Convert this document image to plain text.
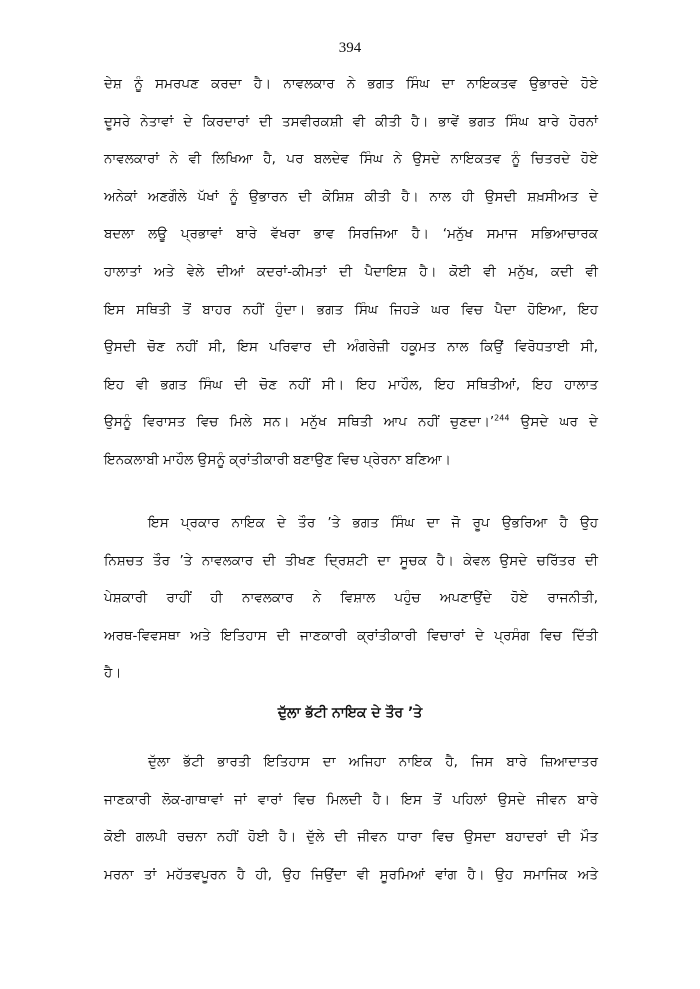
394
ਦੇਸ਼ ਨੂੰ ਸਮਰਪਣ ਕਰਦਾ ਹੈ। ਨਾਵਲਕਾਰ ਨੇ ਭਗਤ ਸਿੰਘ ਦਾ ਨਾਇਕਤਵ ਉਭਾਰਦੇ ਹੋਏ
ਦੂਸਰੇ ਨੇਤਾਵਾਂ ਦੇ ਕਿਰਦਾਰਾਂ ਦੀ ਤਸਵੀਰਕਸ਼ੀ ਵੀ ਕੀਤੀ ਹੈ। ਭਾਵੇਂ ਭਗਤ ਸਿੰਘ ਬਾਰੇ ਹੋਰਨਾਂ
ਨਾਵਲਕਾਰਾਂ ਨੇ ਵੀ ਲਿਖਿਆ ਹੈ, ਪਰ ਬਲਦੇਵ ਸਿੰਘ ਨੇ ਉਸਦੇ ਨਾਇਕਤਵ ਨੂੰ ਚਿਤਰਦੇ ਹੋਏ
ਅਨੇਕਾਂ ਅਣਗੌਲੇ ਪੱਖਾਂ ਨੂੰ ਉਭਾਰਨ ਦੀ ਕੋਸ਼ਿਸ਼ ਕੀਤੀ ਹੈ। ਨਾਲ ਹੀ ਉਸਦੀ ਸ਼ਖ਼ਸੀਅਤ ਦੇ
ਬਦਲਾ ਲਊ ਪ੍ਰਭਾਵਾਂ ਬਾਰੇ ਵੱਖਰਾ ਭਾਵ ਸਿਰਜਿਆ ਹੈ। ‘ਮਨੁੱਖ ਸਮਾਜ ਸਭਿਆਚਾਰਕ
ਹਾਲਾਤਾਂ ਅਤੇ ਵੇਲੇ ਦੀਆਂ ਕਦਰਾਂ-ਕੀਮਤਾਂ ਦੀ ਪੈਦਾਇਸ਼ ਹੈ। ਕੋਈ ਵੀ ਮਨੁੱਖ, ਕਦੀ ਵੀ
ਇਸ ਸਥਿਤੀ ਤੋਂ ਬਾਹਰ ਨਹੀਂ ਹੁੰਦਾ। ਭਗਤ ਸਿੰਘ ਜਿਹੜੇ ਘਰ ਵਿਚ ਪੈਦਾ ਹੋਇਆ, ਇਹ
ਉਸਦੀ ਚੋਣ ਨਹੀਂ ਸੀ, ਇਸ ਪਰਿਵਾਰ ਦੀ ਅੰਗਰੇਜ਼ੀ ਹਕੂਮਤ ਨਾਲ ਕਿਉਂ ਵਿਰੋਧਤਾਈ ਸੀ,
ਇਹ ਵੀ ਭਗਤ ਸਿੰਘ ਦੀ ਚੋਣ ਨਹੀਂ ਸੀ। ਇਹ ਮਾਹੌਲ, ਇਹ ਸਥਿਤੀਆਂ, ਇਹ ਹਾਲਾਤ
ਉਸਨੂੰ ਵਿਰਾਸਤ ਵਿਚ ਮਿਲੇ ਸਨ। ਮਨੁੱਖ ਸਥਿਤੀ ਆਪ ਨਹੀਂ ਚੁਣਦਾ।’$^{244}$ ਉਸਦੇ ਘਰ ਦੇ
ਇਨਕਲਾਬੀ ਮਾਹੌਲ ਉਸਨੂੰ ਕ੍ਰਾਂਤੀਕਾਰੀ ਬਣਾਉਣ ਵਿਚ ਪ੍ਰੇਰਨਾ ਬਣਿਆ।
ਇਸ ਪ੍ਰਕਾਰ ਨਾਇਕ ਦੇ ਤੌਰ ’ਤੇ ਭਗਤ ਸਿੰਘ ਦਾ ਜੋ ਰੂਪ ਉਭਰਿਆ ਹੈ ਉਹ
ਨਿਸ਼ਚਤ ਤੌਰ ’ਤੇ ਨਾਵਲਕਾਰ ਦੀ ਤੀਖਣ ਦ੍ਰਿਸ਼ਟੀ ਦਾ ਸੂਚਕ ਹੈ। ਕੇਵਲ ਉਸਦੇ ਚਰਿੱਤਰ ਦੀ
ਪੇਸ਼ਕਾਰੀ ਰਾਹੀਂ ਹੀ ਨਾਵਲਕਾਰ ਨੇ ਵਿਸ਼ਾਲ ਪਹੁੰਚ ਅਪਣਾਉਂਦੇ ਹੋਏ ਰਾਜਨੀਤੀ,
ਅਰਥ-ਵਿਵਸਥਾ ਅਤੇ ਇਤਿਹਾਸ ਦੀ ਜਾਣਕਾਰੀ ਕ੍ਰਾਂਤੀਕਾਰੀ ਵਿਚਾਰਾਂ ਦੇ ਪ੍ਰਸੰਗ ਵਿਚ ਦਿੱਤੀ
ਹੈ।
ਦੁੱਲਾ ਭੱਟੀ ਨਾਇਕ ਦੇ ਤੌਰ ’ਤੇ
ਦੁੱਲਾ ਭੱਟੀ ਭਾਰਤੀ ਇਤਿਹਾਸ ਦਾ ਅਜਿਹਾ ਨਾਇਕ ਹੈ, ਜਿਸ ਬਾਰੇ ਜ਼ਿਆਦਾਤਰ
ਜਾਣਕਾਰੀ ਲੋਕ-ਗਾਥਾਵਾਂ ਜਾਂ ਵਾਰਾਂ ਵਿਚ ਮਿਲਦੀ ਹੈ। ਇਸ ਤੋਂ ਪਹਿਲਾਂ ਉਸਦੇ ਜੀਵਨ ਬਾਰੇ
ਕੋਈ ਗਲਪੀ ਰਚਨਾ ਨਹੀਂ ਹੋਈ ਹੈ। ਦੁੱਲੇ ਦੀ ਜੀਵਨ ਧਾਰਾ ਵਿਚ ਉਸਦਾ ਬਹਾਦਰਾਂ ਦੀ ਮੌਤ
ਮਰਨਾ ਤਾਂ ਮਹੱਤਵਪੂਰਨ ਹੈ ਹੀ, ਉਹ ਜਿਉਂਦਾ ਵੀ ਸੂਰਮਿਆਂ ਵਾਂਗ ਹੈ। ਉਹ ਸਮਾਜਿਕ ਅਤੇ
